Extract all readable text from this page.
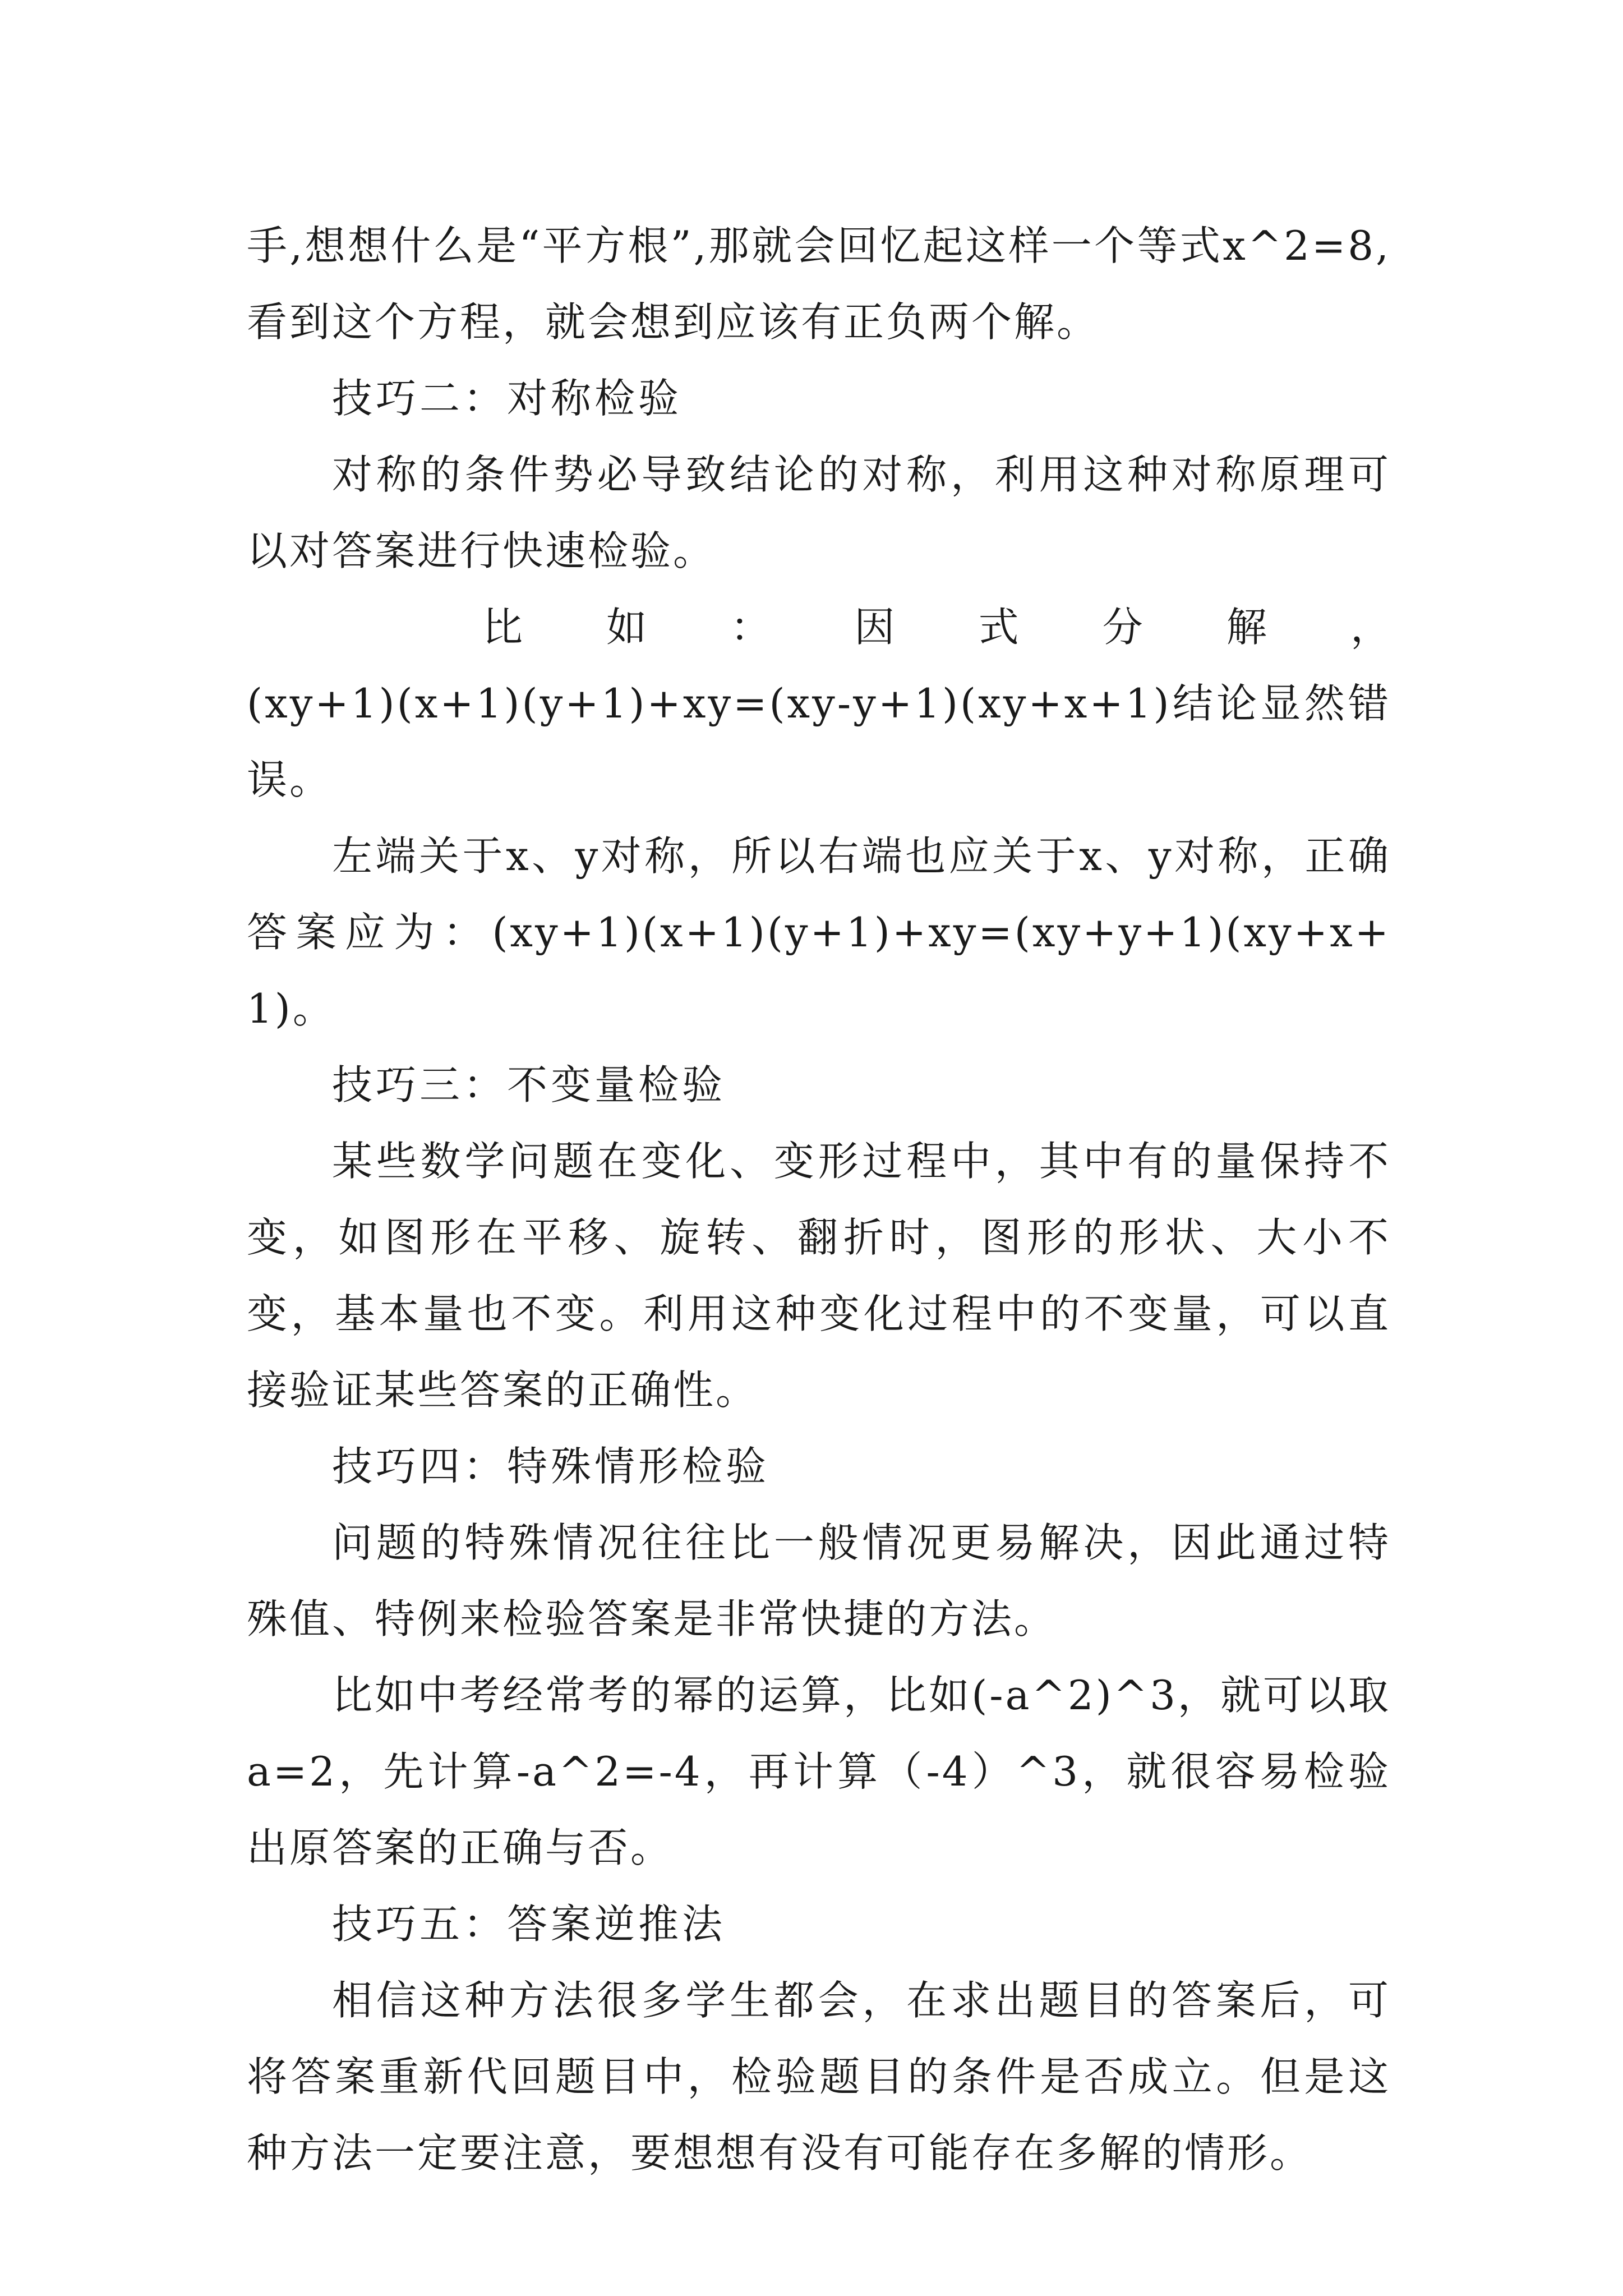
手,想想什么是“平方根”,那就会回忆起这样一个等式x^2=8,看到这个方程，就会想到应该有正负两个解。

技巧二：对称检验

对称的条件势必导致结论的对称，利用这种对称原理可以对答案进行快速检验。

比 如 ： 因 式 分 解 ，

(xy+1)(x+1)(y+1)+xy=(xy-y+1)(xy+x+1)结论显然错误。

左端关于x、y对称，所以右端也应关于x、y对称，正确答案应为：(xy+1)(x+1)(y+1)+xy=(xy+y+1)(xy+x+1)。

技巧三：不变量检验

某些数学问题在变化、变形过程中，其中有的量保持不变，如图形在平移、旋转、翻折时，图形的形状、大小不变，基本量也不变。利用这种变化过程中的不变量，可以直接验证某些答案的正确性。

技巧四：特殊情形检验

问题的特殊情况往往比一般情况更易解决，因此通过特殊值、特例来检验答案是非常快捷的方法。

比如中考经常考的幂的运算，比如(-a^2)^3，就可以取a=2，先计算-a^2=-4，再计算（-4）^3，就很容易检验出原答案的正确与否。

技巧五：答案逆推法

相信这种方法很多学生都会，在求出题目的答案后，可将答案重新代回题目中，检验题目的条件是否成立。但是这种方法一定要注意，要想想有没有可能存在多解的情形。
